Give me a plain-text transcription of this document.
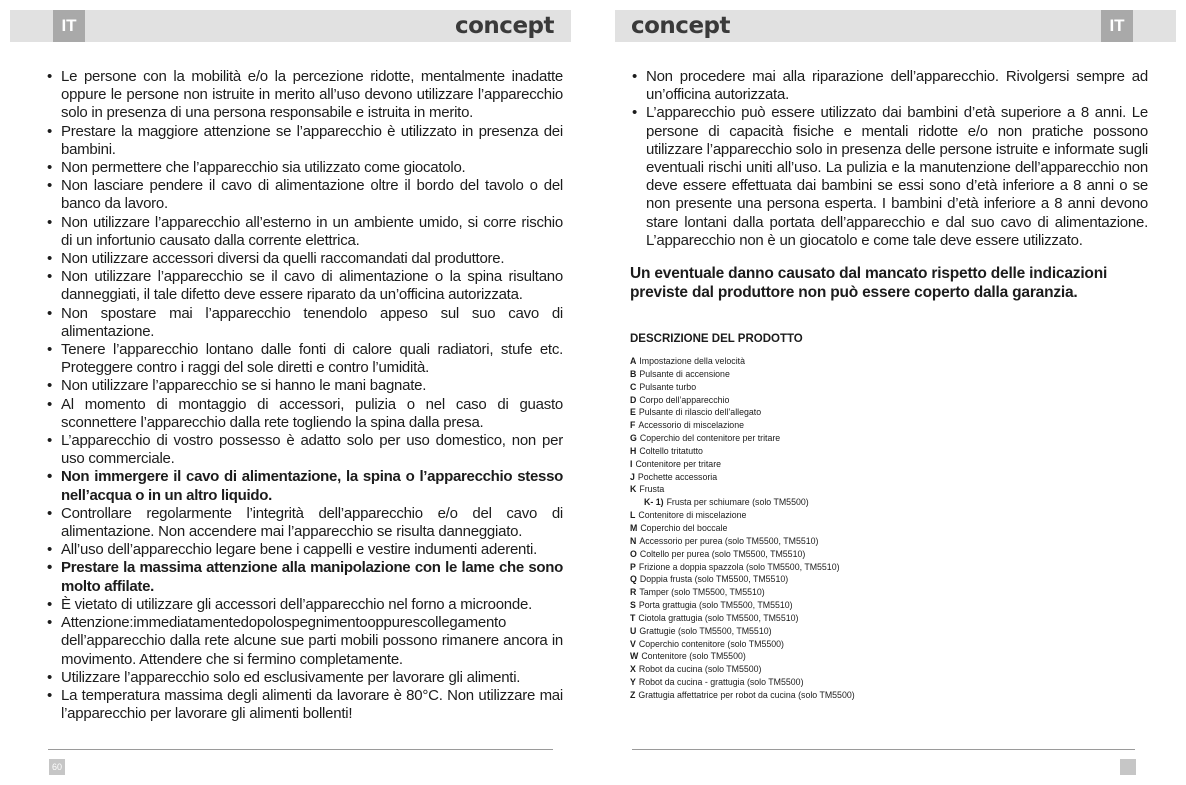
IT	IT
concept	concept
• Le persone con la mobilità e/o la percezione ridotte, mentalmente inadatte oppure le persone non istruite in merito all’uso devono utilizzare l’apparecchio solo in presenza di una persona responsabile e istruita in merito.
• Prestare la maggiore attenzione se l’apparecchio è utilizzato in presenza dei bambini.
• Non permettere che l’apparecchio sia utilizzato come giocatolo.
• Non lasciare pendere il cavo di alimentazione oltre il bordo del tavolo o del banco da lavoro.
• Non utilizzare l’apparecchio all’esterno in un ambiente umido, si corre rischio di un infortunio causato dalla corrente elettrica.
• Non utilizzare accessori diversi da quelli raccomandati dal produttore.
• Non utilizzare l’apparecchio se il cavo di alimentazione o la spina risultano danneggiati, il tale difetto deve essere riparato da un’officina autorizzata.
• Non spostare mai l’apparecchio tenendolo appeso sul suo cavo di alimentazione.
• Tenere l’apparecchio lontano dalle fonti di calore quali radiatori, stufe etc. Proteggere contro i raggi del sole diretti e contro l’umidità.
• Non utilizzare l’apparecchio se si hanno le mani bagnate.
• Al momento di montaggio di accessori, pulizia o nel caso di guasto sconnettere l’apparecchio dalla rete togliendo la spina dalla presa.
• L’apparecchio di vostro possesso è adatto solo per uso domestico, non per uso commerciale.
• Non immergere il cavo di alimentazione, la spina o l’apparecchio stesso nell’acqua o in un altro liquido.
• Controllare regolarmente l’integrità dell’apparecchio e/o del cavo di alimentazione. Non accendere mai l’apparecchio se risulta danneggiato.
• All’uso dell’apparecchio legare bene i cappelli e vestire indumenti aderenti.
• Prestare la massima attenzione alla manipolazione con le lame che sono molto affilate.
• È vietato di utilizzare gli accessori dell’apparecchio nel forno a microonde.
• Attenzione:immediatamentedopolospegnimentooppurescollegamento dell’apparecchio dalla rete alcune sue parti mobili possono rimanere ancora in movimento. Attendere che si fermino completamente.
• Utilizzare l’apparecchio solo ed esclusivamente per lavorare gli alimenti.
• La temperatura massima degli alimenti da lavorare è 80°C. Non utilizzare mai l’apparecchio per lavorare gli alimenti bollenti!
• Non procedere mai alla riparazione dell’apparecchio. Rivolgersi sempre ad un’officina autorizzata.
• L’apparecchio può essere utilizzato dai bambini d’età superiore a 8 anni. Le persone di capacità fisiche e mentali ridotte e/o non pratiche possono utilizzare l’apparecchio solo in presenza delle persone istruite e informate sugli eventuali rischi uniti all’uso. La pulizia e la manutenzione dell’apparecchio non deve essere effettuata dai bambini se essi sono d’età inferiore a 8 anni o se non presente una persona esperta. I bambini d’età inferiore a 8 anni devono stare lontani dalla portata dell’apparecchio e dal suo cavo di alimentazione. L’apparecchio non è un giocatolo e come tale deve essere utilizzato.
Un eventuale danno causato dal mancato rispetto delle indicazioni previste dal produttore non può essere coperto dalla garanzia.
DESCRIZIONE DEL PRODOTTO
A Impostazione della velocità
B Pulsante di accensione
C Pulsante turbo
D Corpo dell’apparecchio
E Pulsante di rilascio dell’allegato
F Accessorio di miscelazione
G Coperchio del contenitore per tritare
H Coltello tritatutto
I Contenitore per tritare
J Pochette accessoria
K Frusta
K- 1) Frusta per schiumare (solo TM5500)
L Contenitore di miscelazione
M Coperchio del boccale
N Accessorio per purea (solo TM5500, TM5510)
O Coltello per purea (solo TM5500, TM5510)
P Frizione a doppia spazzola (solo TM5500, TM5510)
Q Doppia frusta (solo TM5500, TM5510)
R Tamper (solo TM5500, TM5510)
S Porta grattugia (solo TM5500, TM5510)
T Ciotola grattugia (solo TM5500, TM5510)
U Grattugie (solo TM5500, TM5510)
V Coperchio contenitore (solo TM5500)
W Contenitore (solo TM5500)
X Robot da cucina (solo TM5500)
Y Robot da cucina - grattugia (solo TM5500)
Z Grattugia affettatrice per robot da cucina (solo TM5500)
60
